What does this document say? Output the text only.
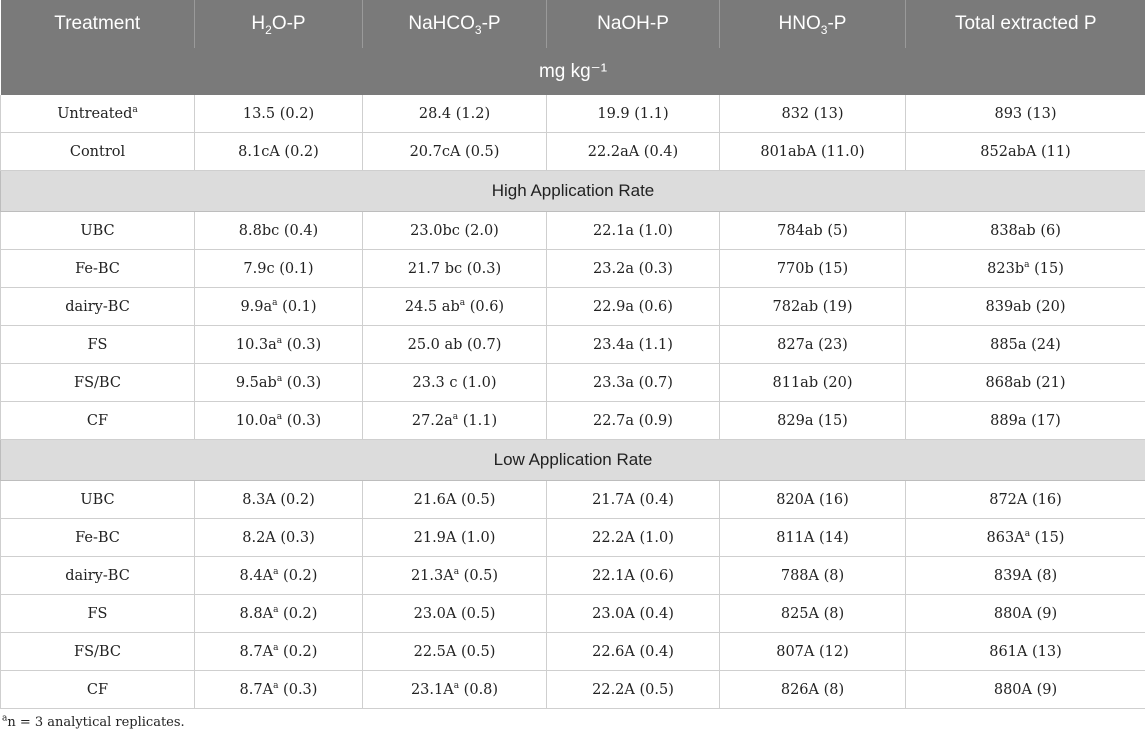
Treatment	$H_2O-P$	NaHCO$_3$-P	NaOH-P	$HNO_3-P$	Total extracted P
mg kg⁻¹					
Untreated$^a$	13.5 (0.2)	28.4 (1.2)	19.9 (1.1)	832 (13)	893 (13)
Control	8.1cA (0.2)	20.7cA (0.5)	22.2aA (0.4)	801abA (11.0)	852abA (11)
High Application Rate					
UBC	8.8bc (0.4)	23.0bc (2.0)	22.1a (1.0)	784ab (5)	838ab (6)
Fe-BC	7.9c (0.1)	21.7 bc (0.3)	23.2a (0.3)	770b (15)	$823b^a$ (15)
dairy-BC	$9.9a^a$ (0.1)	24.5 $ab^a$ (0.6)	22.9a (0.6)	782ab (19)	839ab (20)
FS	$10.3a^a$ (0.3)	25.0 ab (0.7)	23.4a (1.1)	827a (23)	885a (24)
FS/BC	$9.5ab^a$ (0.3)	23.3 c (1.0)	23.3a (0.7)	811ab (20)	868ab (21)
CF	$10.0a^a$ (0.3)	$27.2a^a$ (1.1)	22.7a (0.9)	829a (15)	889a (17)
Low Application Rate					
UBC	8.3A (0.2)	21.6A (0.5)	21.7A (0.4)	820A (16)	872A (16)
Fe-BC	8.2A (0.3)	21.9A (1.0)	22.2A (1.0)	811A (14)	$863A^a$ (15)
dairy-BC	$8.4A^a$ (0.2)	$21.3A^a$ (0.5)	22.1A (0.6)	788A (8)	839A (8)
FS	$8.8A^a$ (0.2)	23.0A (0.5)	23.0A (0.4)	825A (8)	880A (9)
FS/BC	$8.7A^a$ (0.2)	22.5A (0.5)	22.6A (0.4)	807A (12)	861A (13)
CF	$8.7A^a$ (0.3)	$23.1A^a$ (0.8)	22.2A (0.5)	826A (8)	880A (9)
$^a$n = 3 analytical replicates.
